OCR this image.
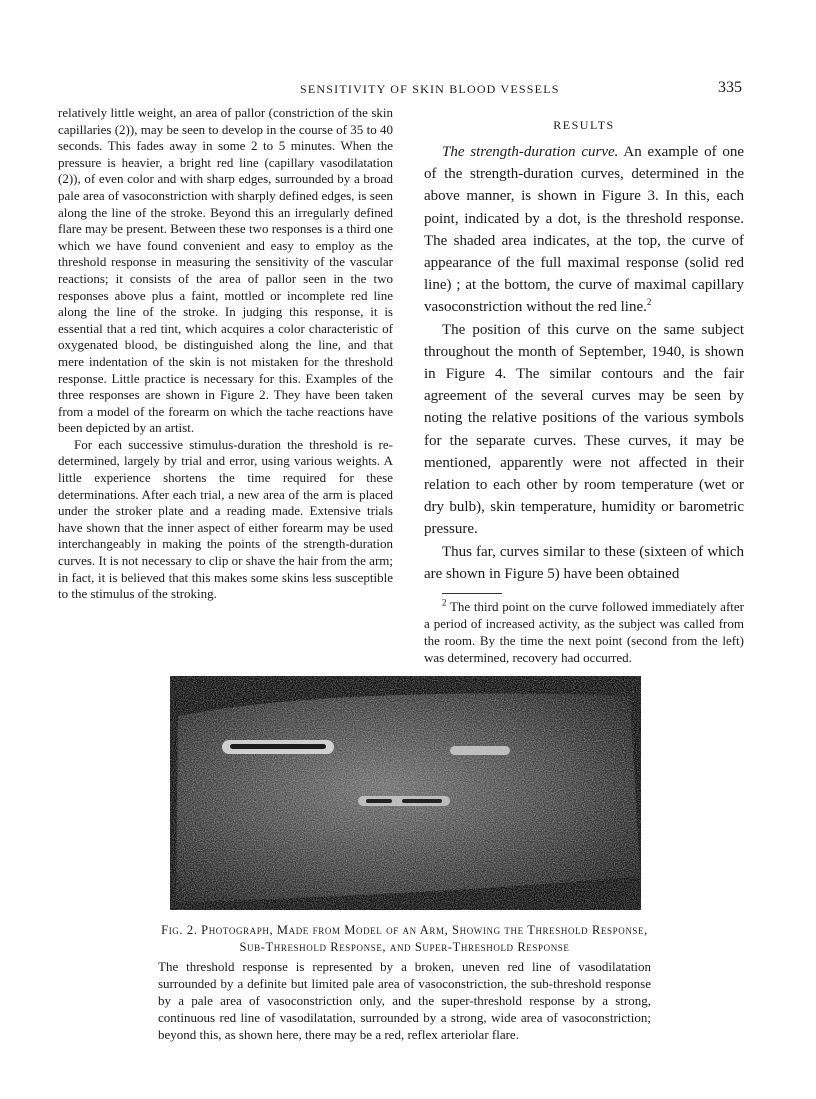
SENSITIVITY OF SKIN BLOOD VESSELS	335

relatively little weight, an area of pallor (constriction of the skin capillaries (2)), may be seen to develop in the course of 35 to 40 seconds. This fades away in some 2 to 5 minutes. When the pressure is heavier, a bright red line (capillary vasodilatation (2)), of even color and with sharp edges, surrounded by a broad pale area of vasoconstriction with sharply defined edges, is seen along the line of the stroke. Beyond this an irregularly defined flare may be present. Between these two responses is a third one which we have found convenient and easy to employ as the threshold response in measuring the sensitivity of the vascular reactions; it consists of the area of pallor seen in the two responses above plus a faint, mottled or incomplete red line along the line of the stroke. In judging this response, it is essential that a red tint, which acquires a color characteristic of oxygenated blood, be distinguished along the line, and that mere indentation of the skin is not mistaken for the threshold response. Little practice is necessary for this. Examples of the three responses are shown in Figure 2. They have been taken from a model of the forearm on which the tache reactions have been depicted by an artist.

For each successive stimulus-duration the threshold is re-determined, largely by trial and error, using various weights. A little experience shortens the time required for these determinations. After each trial, a new area of the arm is placed under the stroker plate and a reading made. Extensive trials have shown that the inner aspect of either forearm may be used interchangeably in making the points of the strength-duration curves. It is not necessary to clip or shave the hair from the arm; in fact, it is believed that this makes some skins less susceptible to the stimulus of the stroking.

RESULTS

The strength-duration curve. An example of one of the strength-duration curves, determined in the above manner, is shown in Figure 3. In this, each point, indicated by a dot, is the threshold response. The shaded area indicates, at the top, the curve of appearance of the full maximal response (solid red line) ; at the bottom, the curve of maximal capillary vasoconstriction without the red line.$^2$

The position of this curve on the same subject throughout the month of September, 1940, is shown in Figure 4. The similar contours and the fair agreement of the several curves may be seen by noting the relative positions of the various symbols for the separate curves. These curves, it may be mentioned, apparently were not affected in their relation to each other by room temperature (wet or dry bulb), skin temperature, humidity or barometric pressure.

Thus far, curves similar to these (sixteen of which are shown in Figure 5) have been obtained

$^2$ The third point on the curve followed immediately after a period of increased activity, as the subject was called from the room. By the time the next point (second from the left) was determined, recovery had occurred.

Fig. 2. Photograph, Made from Model of an Arm, Showing the Threshold Response, Sub-Threshold Response, and Super-Threshold Response

The threshold response is represented by a broken, uneven red line of vasodilatation surrounded by a definite but limited pale area of vasoconstriction, the sub-threshold response by a pale area of vasoconstriction only, and the super-threshold response by a strong, continuous red line of vasodilatation, surrounded by a strong, wide area of vasoconstriction; beyond this, as shown here, there may be a red, reflex arteriolar flare.
